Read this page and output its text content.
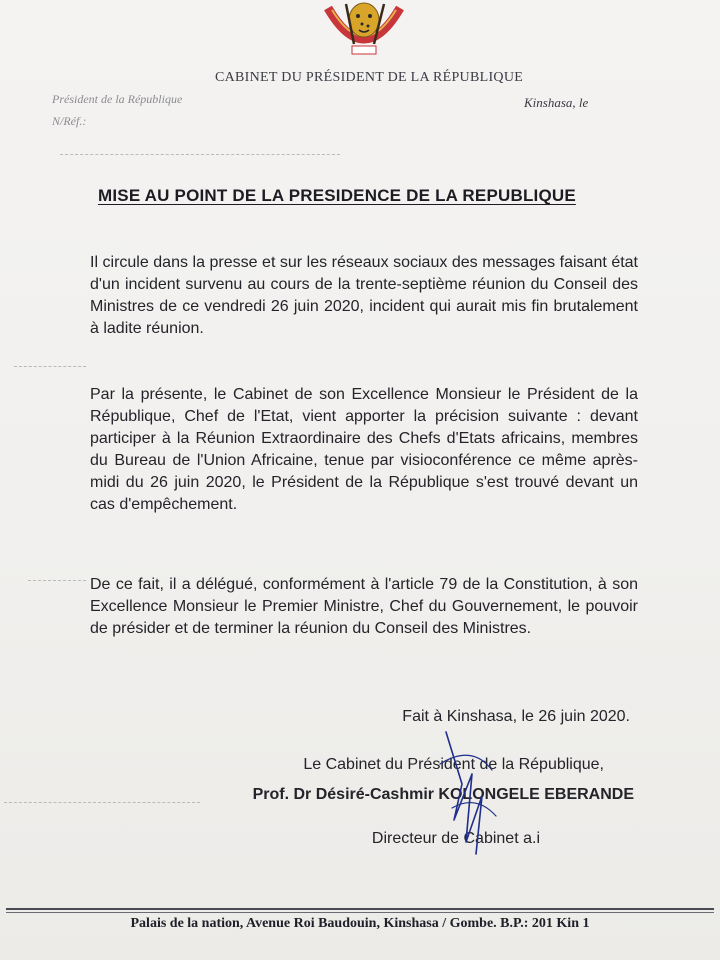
CABINET DU PRÉSIDENT DE LA RÉPUBLIQUE
Président de la République
N/Réf.:
Kinshasa, le
MISE AU POINT DE LA PRESIDENCE DE LA REPUBLIQUE
Il circule dans la presse et sur les réseaux sociaux des messages faisant état d'un incident survenu au cours de la trente-septième réunion du Conseil des Ministres de ce vendredi 26 juin 2020, incident qui aurait mis fin brutalement à ladite réunion.
Par la présente, le Cabinet de son Excellence Monsieur le Président de la République, Chef de l'Etat, vient apporter la précision suivante : devant participer à la Réunion Extraordinaire des Chefs d'Etats africains, membres du Bureau de l'Union Africaine, tenue par visioconférence ce même après-midi du 26 juin 2020, le Président de la République s'est trouvé devant un cas d'empêchement.
De ce fait, il a délégué, conformément à l'article 79 de la Constitution, à son Excellence Monsieur le Premier Ministre, Chef du Gouvernement, le pouvoir de présider et de terminer la réunion du Conseil des Ministres.
Fait à Kinshasa, le 26 juin 2020.
Le Cabinet du Président de la République,
Prof. Dr Désiré-Cashmir KOLONGELE EBERANDE
Directeur de Cabinet a.i
Palais de la nation, Avenue Roi Baudouin, Kinshasa / Gombe. B.P.: 201 Kin 1
